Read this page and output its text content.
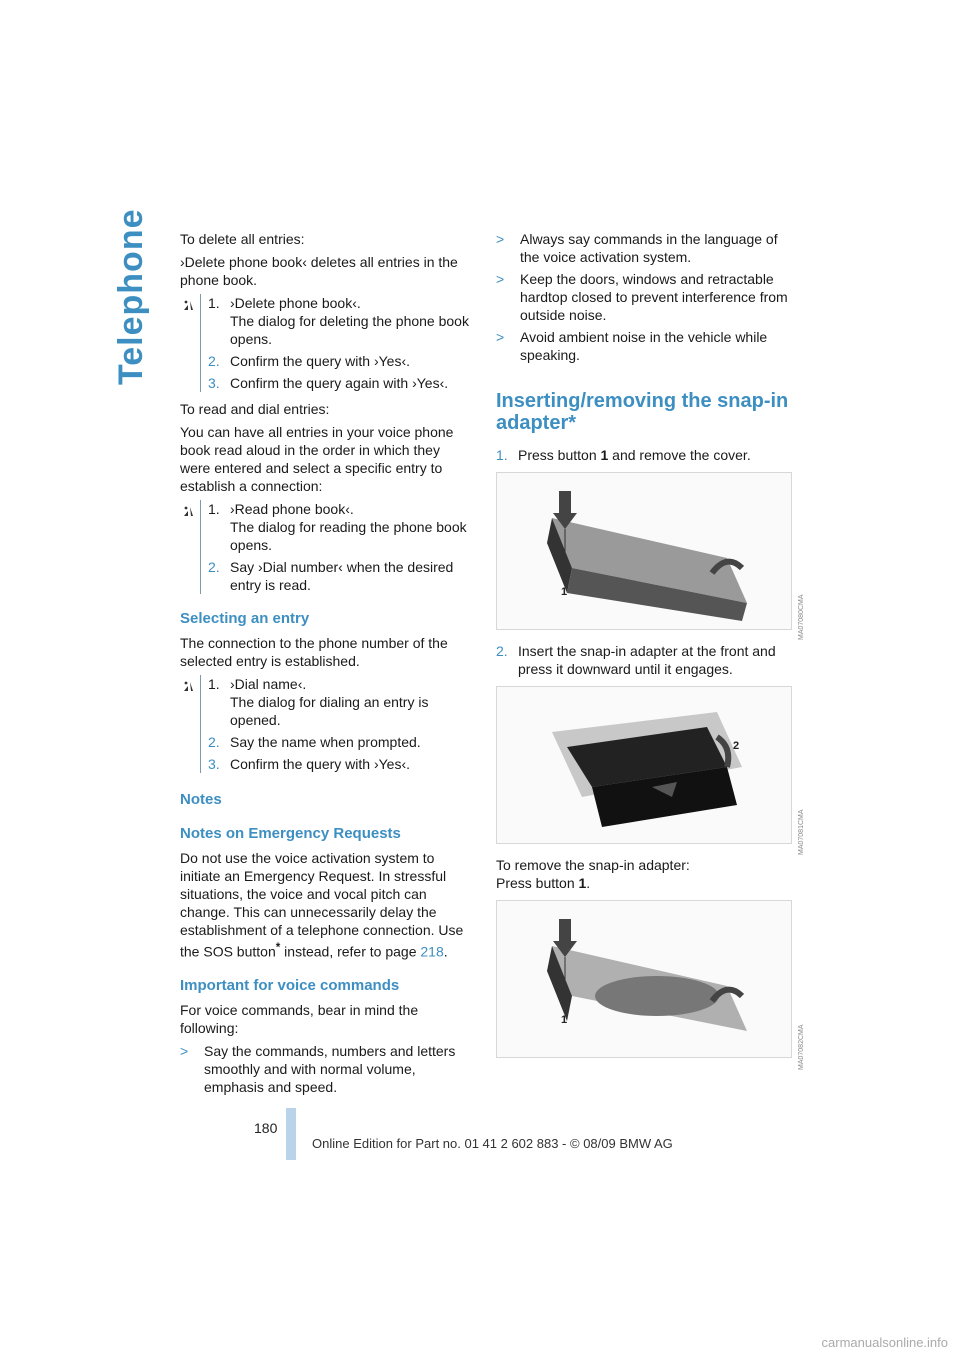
Telephone To delete all entries:

›Delete phone book‹ deletes all entries in the phone book.

1. ›Delete phone book‹.
The dialog for deleting the phone book opens.
2. Confirm the query with ›Yes‹.
3. Confirm the query again with ›Yes‹.

To read and dial entries:

You can have all entries in your voice phone book read aloud in the order in which they were entered and select a specific entry to establish a connection:

1. ›Read phone book‹.
The dialog for reading the phone book opens.
2. Say ›Dial number‹ when the desired entry is read.
Selecting an entry

The connection to the phone number of the selected entry is established.

1. ›Dial name‹.
The dialog for dialing an entry is opened.
2. Say the name when prompted.
3. Confirm the query with ›Yes‹.
Notes
Notes on Emergency Requests

Do not use the voice activation system to initiate an Emergency Request. In stressful situations, the voice and vocal pitch can change. This can unnecessarily delay the establishment of a telephone connection. Use the SOS button* instead, refer to page 218.

Important for voice commands

For voice commands, bear in mind the following:

>	Say the commands, numbers and letters smoothly and with normal volume, emphasis and speed.
>	Always say commands in the language of the voice activation system.
>	Keep the doors, windows and retractable hardtop closed to prevent interference from outside noise.
>	Avoid ambient noise in the vehicle while speaking.
Inserting/removing the snap-in adapter*
1. Press button 1 and remove the cover.
1
2. Insert the snap-in adapter at the front and press it downward until it engages.
2

To remove the snap-in adapter:

Press button 1.

1
MA07080CMA
MA07081CMA
MA07082CMA
180
Online Edition for Part no. 01 41 2 602 883 - © 08/09 BMW AG
carmanualsonline.info
